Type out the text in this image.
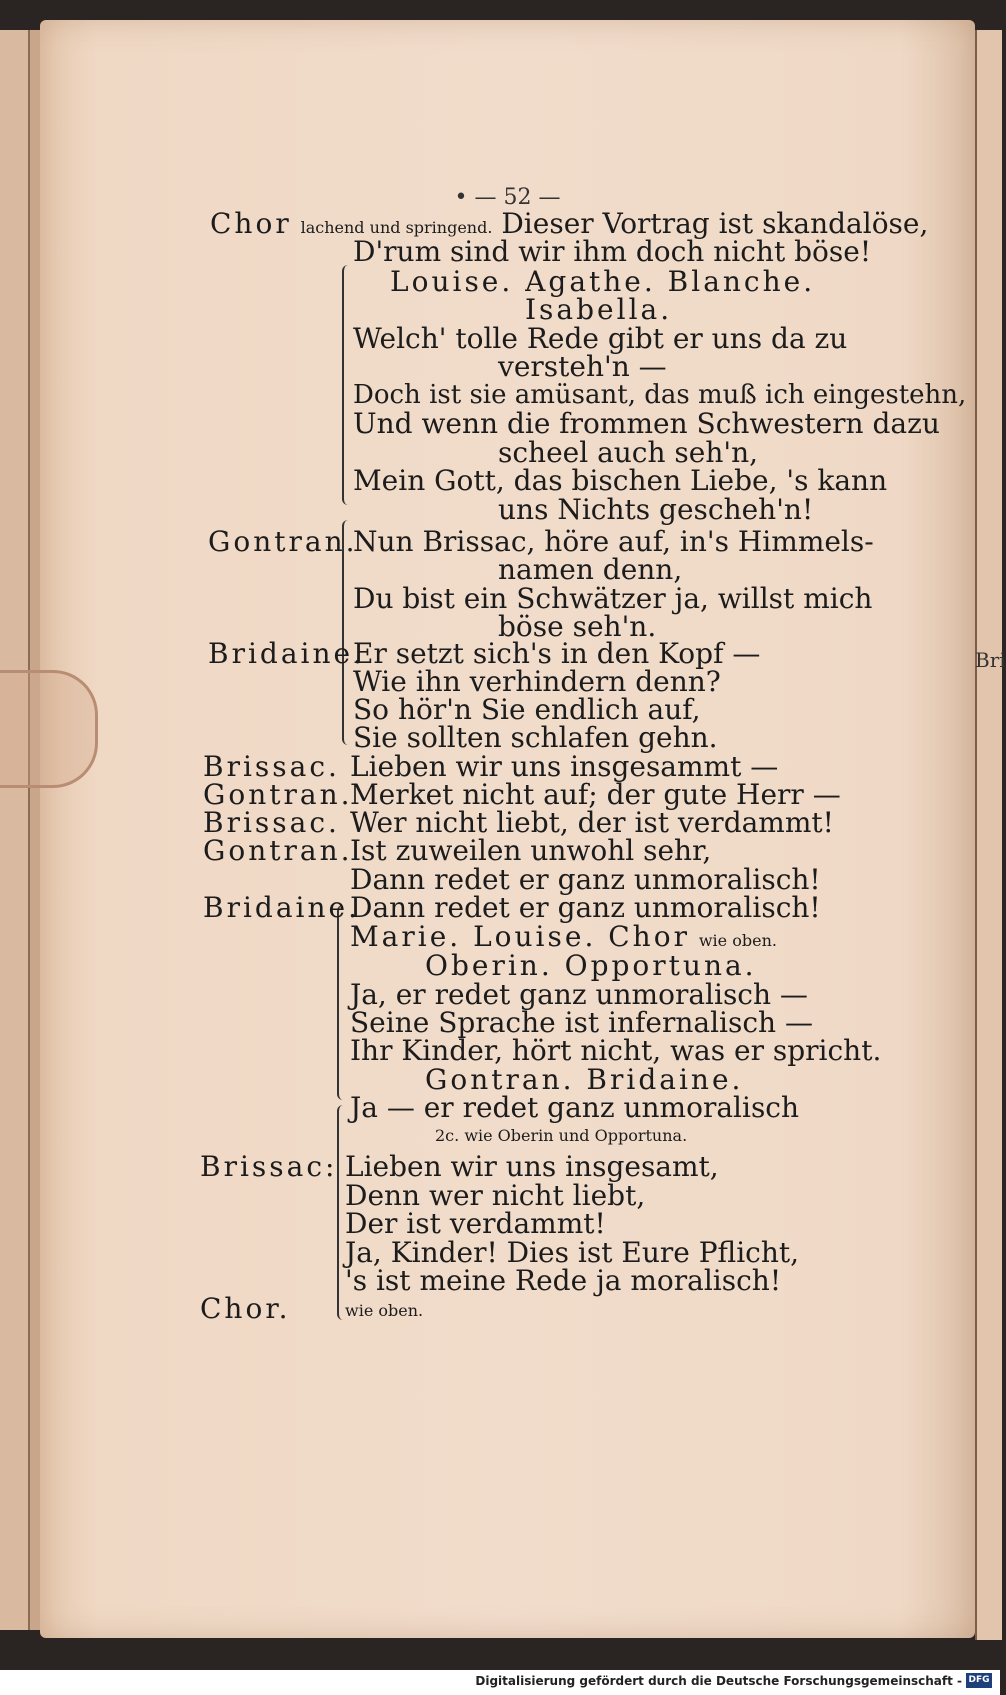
• — 52 —
Chor lachend und springend. Dieser Vortrag ist skandalöse,
D'rum sind wir ihm doch nicht böse!
Louise. Agathe. Blanche.
Isabella.
Welch' tolle Rede gibt er uns da zu
versteh'n —
Doch ist sie amüsant, das muß ich eingestehn,
Und wenn die frommen Schwestern dazu
scheel auch seh'n,
Mein Gott, das bischen Liebe, 's kann
uns Nichts gescheh'n!
Gontran.
Nun Brissac, höre auf, in's Himmels-
namen denn,
Du bist ein Schwätzer ja, willst mich
böse seh'n.
Bridaine.
Er setzt sich's in den Kopf —
Wie ihn verhindern denn?
So hör'n Sie endlich auf,
Sie sollten schlafen gehn.
Brissac. Lieben wir uns insgesammt —
Gontran.
Merket nicht auf; der gute Herr —
Brissac. Wer nicht liebt, der ist verdammt!
Gontran.
Ist zuweilen unwohl sehr,
Dann redet er ganz unmoralisch!
Bridaine.
Dann redet er ganz unmoralisch!
Marie. Louise. Chor wie oben.
Oberin. Opportuna.
Ja, er redet ganz unmoralisch —
Seine Sprache ist infernalisch —
Ihr Kinder, hört nicht, was er spricht.
Gontran. Bridaine.
Ja — er redet ganz unmoralisch
2c. wie Oberin und Opportuna.
Brissac: Lieben wir uns insgesamt,
Denn wer nicht liebt,
Der ist verdammt!
Ja, Kinder! Dies ist Eure Pflicht,
's ist meine Rede ja moralisch!
Chor.	wie oben.
Bri
Digitalisierung gefördert durch die Deutsche Forschungsgemeinschaft - DFG
